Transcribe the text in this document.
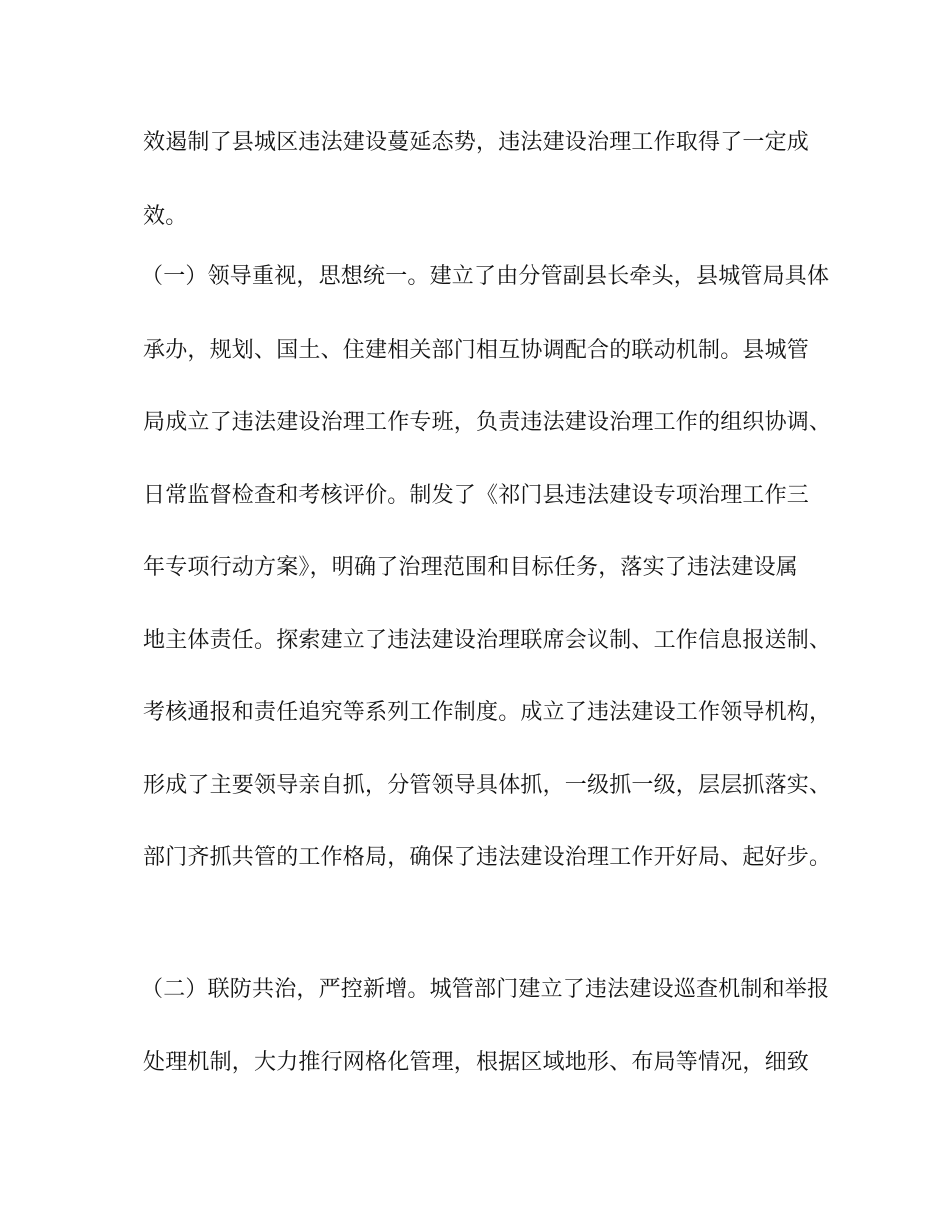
效遏制了县城区违法建设蔓延态势，违法建设治理工作取得了一定成
效。
（一）领导重视，思想统一。建立了由分管副县长牵头，县城管局具体
承办，规划、国土、住建相关部门相互协调配合的联动机制。县城管
局成立了违法建设治理工作专班，负责违法建设治理工作的组织协调、
日常监督检查和考核评价。制发了《祁门县违法建设专项治理工作三
年专项行动方案》，明确了治理范围和目标任务，落实了违法建设属
地主体责任。探索建立了违法建设治理联席会议制、工作信息报送制、
考核通报和责任追究等系列工作制度。成立了违法建设工作领导机构，
形成了主要领导亲自抓，分管领导具体抓，一级抓一级，层层抓落实、
部门齐抓共管的工作格局，确保了违法建设治理工作开好局、起好步。
（二）联防共治，严控新增。城管部门建立了违法建设巡查机制和举报
处理机制，大力推行网格化管理，根据区域地形、布局等情况，细致
